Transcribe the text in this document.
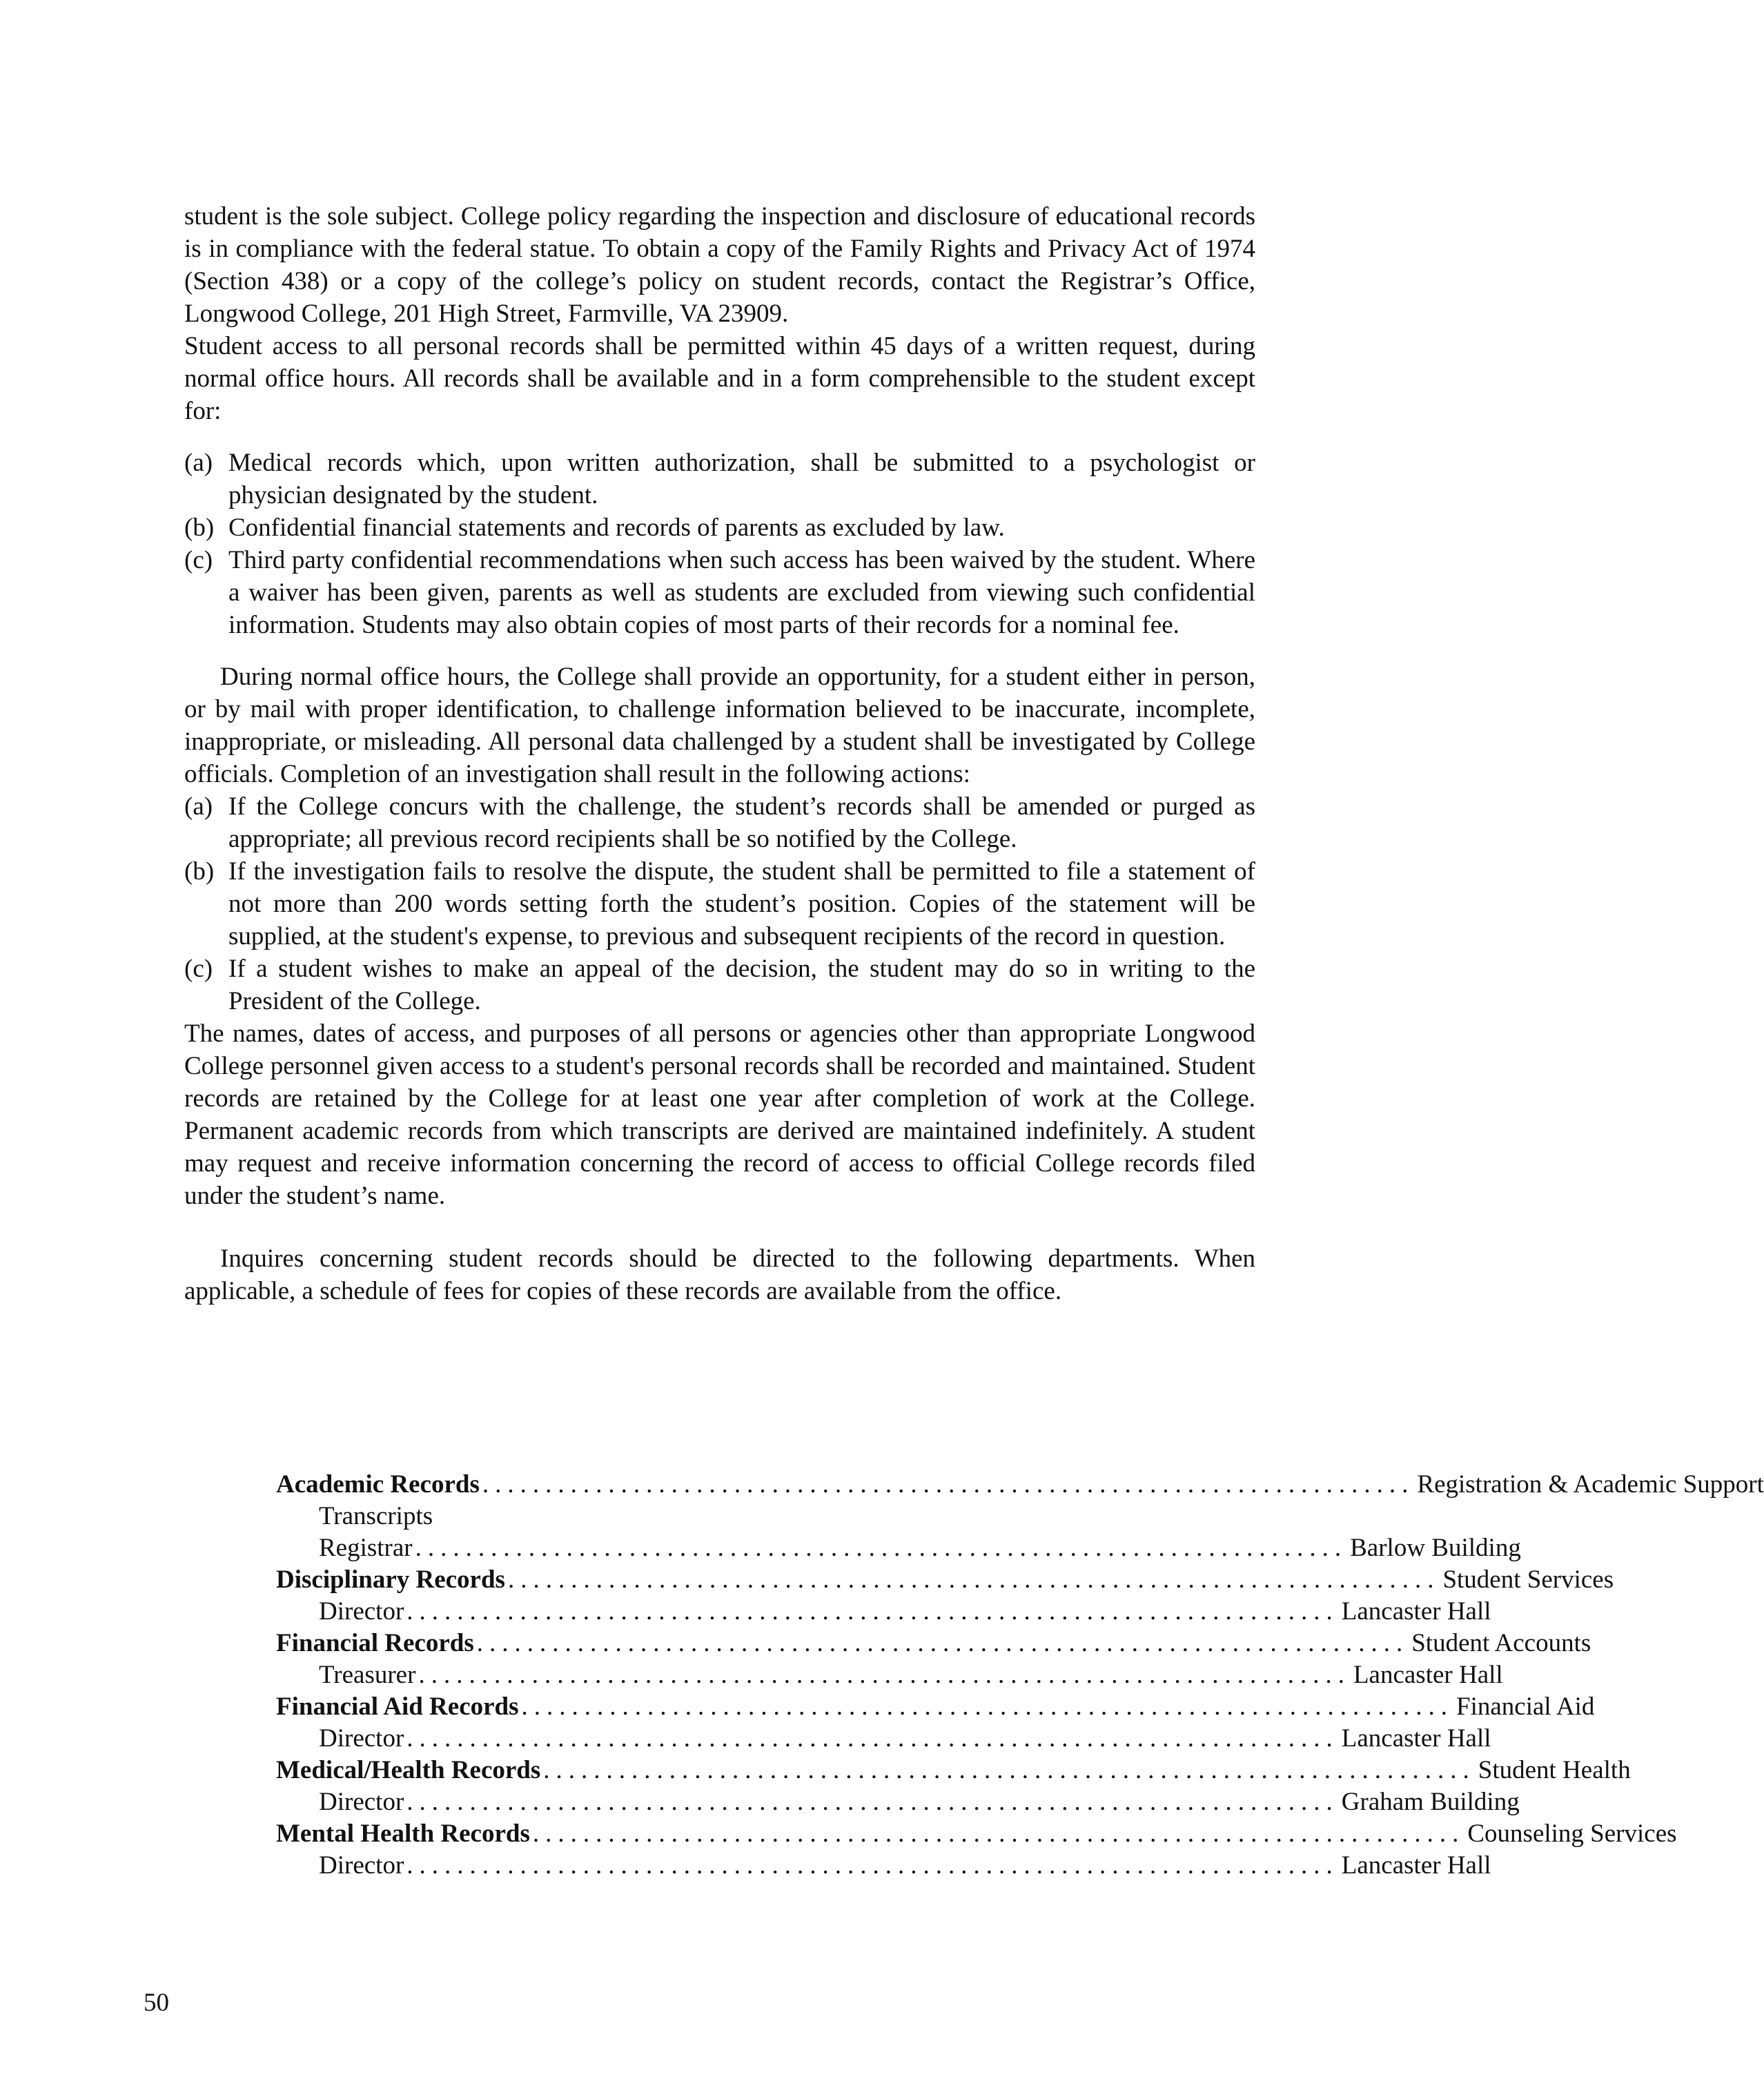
student is the sole subject. College policy regarding the inspection and disclosure of educational records is in compliance with the federal statue. To obtain a copy of the Family Rights and Privacy Act of 1974 (Section 438) or a copy of the college’s policy on student records, contact the Registrar’s Office, Longwood College, 201 High Street, Farmville, VA 23909.

Student access to all personal records shall be permitted within 45 days of a written request, during normal office hours. All records shall be available and in a form comprehensible to the student except for:

(a) Medical records which, upon written authorization, shall be submitted to a psychologist or physician designated by the student.
(b) Confidential financial statements and records of parents as excluded by law.
(c) Third party confidential recommendations when such access has been waived by the student. Where a waiver has been given, parents as well as students are excluded from viewing such confidential information. Students may also obtain copies of most parts of their records for a nominal fee.

During normal office hours, the College shall provide an opportunity, for a student either in person, or by mail with proper identification, to challenge information believed to be inaccurate, incomplete, inappropriate, or misleading. All personal data challenged by a student shall be investigated by College officials. Completion of an investigation shall result in the following actions:

(a) If the College concurs with the challenge, the student’s records shall be amended or purged as appropriate; all previous record recipients shall be so notified by the College.
(b) If the investigation fails to resolve the dispute, the student shall be permitted to file a statement of not more than 200 words setting forth the student’s position. Copies of the statement will be supplied, at the student's expense, to previous and subsequent recipients of the record in question.
(c) If a student wishes to make an appeal of the decision, the student may do so in writing to the President of the College.

The names, dates of access, and purposes of all persons or agencies other than appropriate Longwood College personnel given access to a student's personal records shall be recorded and maintained. Student records are retained by the College for at least one year after completion of work at the College. Permanent academic records from which transcripts are derived are maintained indefinitely. A student may request and receive information concerning the record of access to official College records filed under the student’s name.

Inquires concerning student records should be directed to the following departments. When applicable, a schedule of fees for copies of these records are available from the office.

Academic Records .......................................................................... Registration & Academic Support
Transcripts
Registrar .......................................................................... Barlow Building
Disciplinary Records .......................................................................... Student Services
Director .......................................................................... Lancaster Hall
Financial Records .......................................................................... Student Accounts
Treasurer .......................................................................... Lancaster Hall
Financial Aid Records .......................................................................... Financial Aid
Director .......................................................................... Lancaster Hall
Medical/Health Records .......................................................................... Student Health
Director .......................................................................... Graham Building
Mental Health Records .......................................................................... Counseling Services
Director .......................................................................... Lancaster Hall
50
